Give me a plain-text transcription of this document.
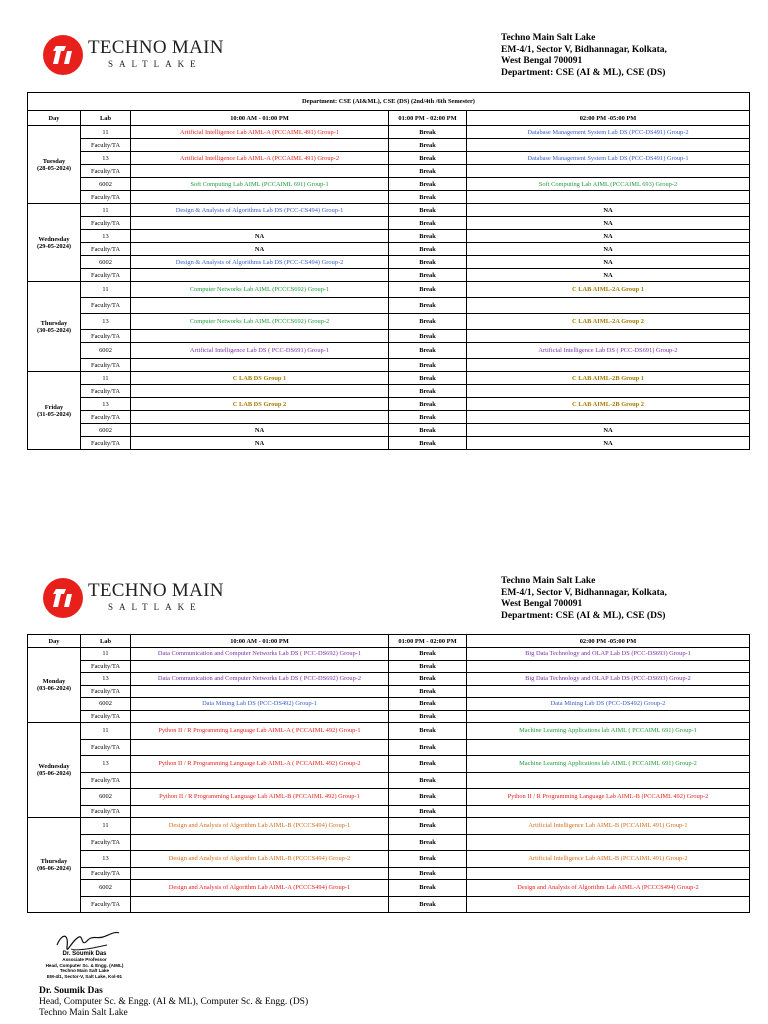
TECHNO MAIN
SALTLAKE
Techno Main Salt Lake
EM-4/1, Sector V, Bidhannagar, Kolkata,
West Bengal 700091
Department: CSE (AI & ML), CSE (DS)
Department: CSE (AI&ML), CSE (DS) (2nd/4th /6th Semester)				
Day	Lab	10:00 AM - 01:00 PM	01:00 PM - 02:00 PM	02:00 PM -05:00 PM

Tuesday
(28-05-2024)	11	Artificial Intelligence Lab AIML-A (PCCAIML 491) Group-1	Break	Database Management System Lab DS (PCC-DS491) Group-2
	Faculty/TA		Break	
	13	Artificial Intelligence Lab AIML-A (PCCAIML 491) Group-2	Break	Database Management System Lab DS (PCC-DS491) Group-1
	Faculty/TA		Break	
	6002	Soft Computing Lab AIML (PCCAIML 691) Group-1	Break	Soft Computing Lab AIML (PCCAIML 693) Group-2
	Faculty/TA		Break	

Wednesday
(29-05-2024)	11	Design & Analysis of Algorithms Lab DS (PCC-CS494) Group-1	Break	NA
	Faculty/TA		Break	NA
	13	NA	Break	NA
	Faculty/TA	NA	Break	NA
	6002	Design & Analysis of Algorithms Lab DS (PCC-CS494) Group-2	Break	NA
	Faculty/TA		Break	NA

Thursday
(30-05-2024)	11	Computer Networks Lab AIML (PCCCS692) Group-1	Break	C LAB AIML-2A Group 1
	Faculty/TA		Break	
	13	Computer Networks Lab AIML (PCCCS692) Group-2	Break	C LAB AIML-2A Group 2
	Faculty/TA		Break	
	6002	Artificial Intelligence Lab DS ( PCC-DS691) Group-1	Break	Artificial Intelligence Lab DS ( PCC-DS691) Group-2
	Faculty/TA		Break	

Friday
(31-05-2024)	11	C LAB DS Group 1	Break	C LAB AIML-2B Group 1
	Faculty/TA		Break	
	13	C LAB DS Group 2	Break	C LAB AIML-2B Group 2
	Faculty/TA		Break	
	6002	NA	Break	NA
	Faculty/TA	NA	Break	NA
TECHNO MAIN
SALTLAKE
Techno Main Salt Lake
EM-4/1, Sector V, Bidhannagar, Kolkata,
West Bengal 700091
Department: CSE (AI & ML), CSE (DS)
Day	Lab	10:00 AM - 01:00 PM	01:00 PM - 02:00 PM	02:00 PM -05:00 PM

Monday
(03-06-2024)	11	Data Communication and Computer Networks Lab DS ( PCC-DS692) Group-1	Break	Big Data Technology and OLAP Lab DS (PCC-DS693) Group-1
	Faculty/TA		Break	
	13	Data Communication and Computer Networks Lab DS ( PCC-DS692) Group-2	Break	Big Data Technology and OLAP Lab DS (PCC-DS693) Group-2
	Faculty/TA		Break	
	6002	Data Mining Lab DS (PCC-DS492) Group-1	Break	Data Mining Lab DS (PCC-DS492) Group-2
	Faculty/TA		Break	

Wednesday
(05-06-2024)	11	Python II / R Programming Language Lab AIML-A ( PCCAIML 492) Group-1	Break	Machine Learning Applications lab AIML ( PCCAIML 691) Group-1
	Faculty/TA		Break	
	13	Python II / R Programming Language Lab AIML-A ( PCCAIML 492) Group-2	Break	Machine Learning Applications lab AIML ( PCCAIML 691) Group-2
	Faculty/TA		Break	
	6002	Python II / R Programming Language Lab AIML-B (PCCAIML 492) Group-1	Break	Python II / R Programming Language Lab AIML-B (PCCAIML 492) Group-2
	Faculty/TA		Break	

Thursday
(06-06-2024)	11	Design and Analysis of Algorithm Lab AIML-B (PCCCS494) Group-1	Break	Artificial Intelligence Lab AIML-B (PCCAIML 491) Group-1
	Faculty/TA		Break	
	13	Design and Analysis of Algorithm Lab AIML-B (PCCCS494) Group-2	Break	Artificial Intelligence Lab AIML-B (PCCAIML 491) Group-2
	Faculty/TA		Break	
	6002	Design and Analysis of Algorithm Lab AIML-A (PCCCS494) Group-1	Break	Design and Analysis of Algorithm Lab AIML-A (PCCCS494) Group-2
	Faculty/TA		Break	
Dr. Soumik Das
Associate Professor
Head, Computer Sc. & Engg. (AIML)
Techno Main Salt Lake
EM-4/1, Sector-V, Salt Lake, Kol-91
Dr. Soumik Das
Head, Computer Sc. & Engg. (AI & ML), Computer Sc. & Engg. (DS)
Techno Main Salt Lake
